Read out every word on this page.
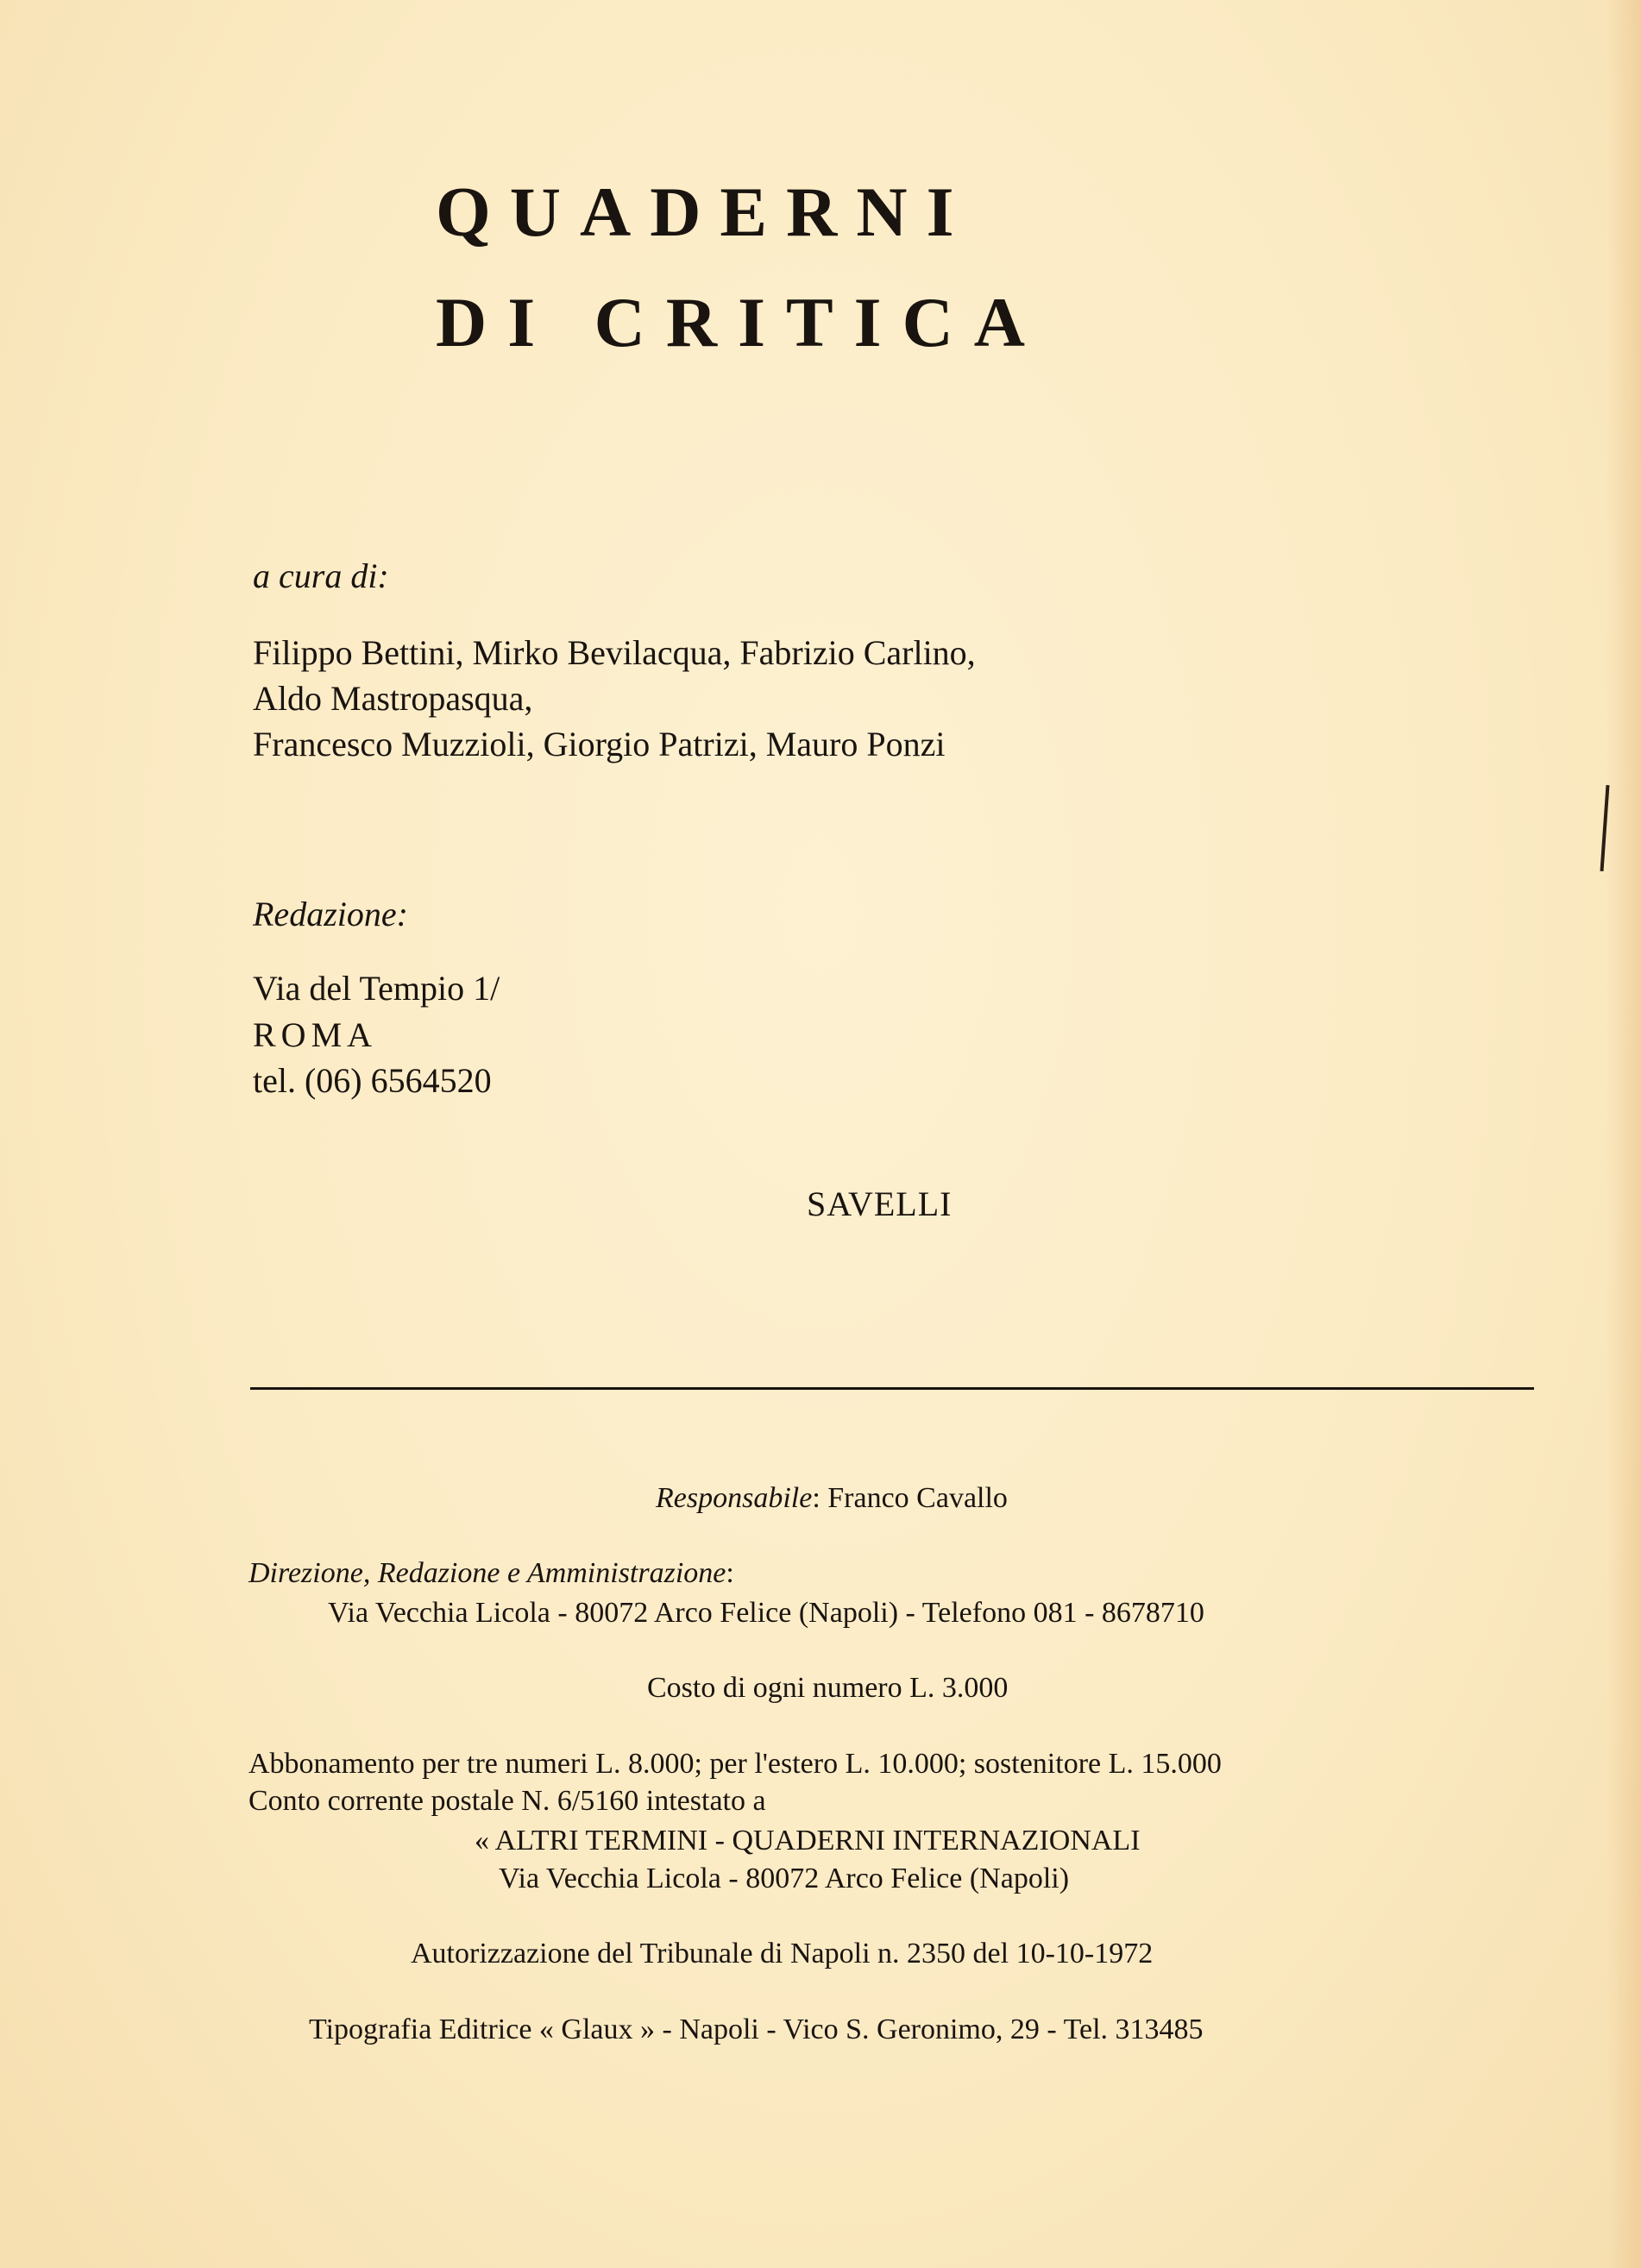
QUADERNI
DI CRITICA
a cura di:
Filippo Bettini, Mirko Bevilacqua, Fabrizio Carlino,
Aldo Mastropasqua,
Francesco Muzzioli, Giorgio Patrizi, Mauro Ponzi
Redazione:
Via del Tempio 1/
ROMA
tel. (06) 6564520
SAVELLI
Responsabile: Franco Cavallo
Direzione, Redazione e Amministrazione:
Via Vecchia Licola - 80072 Arco Felice (Napoli) - Telefono 081 - 8678710
Costo di ogni numero L. 3.000
Abbonamento per tre numeri L. 8.000; per l'estero L. 10.000; sostenitore L. 15.000
Conto corrente postale N. 6/5160 intestato a
« ALTRI TERMINI - QUADERNI INTERNAZIONALI
Via Vecchia Licola - 80072 Arco Felice (Napoli)
Autorizzazione del Tribunale di Napoli n. 2350 del 10-10-1972
Tipografia Editrice « Glaux » - Napoli - Vico S. Geronimo, 29 - Tel. 313485
